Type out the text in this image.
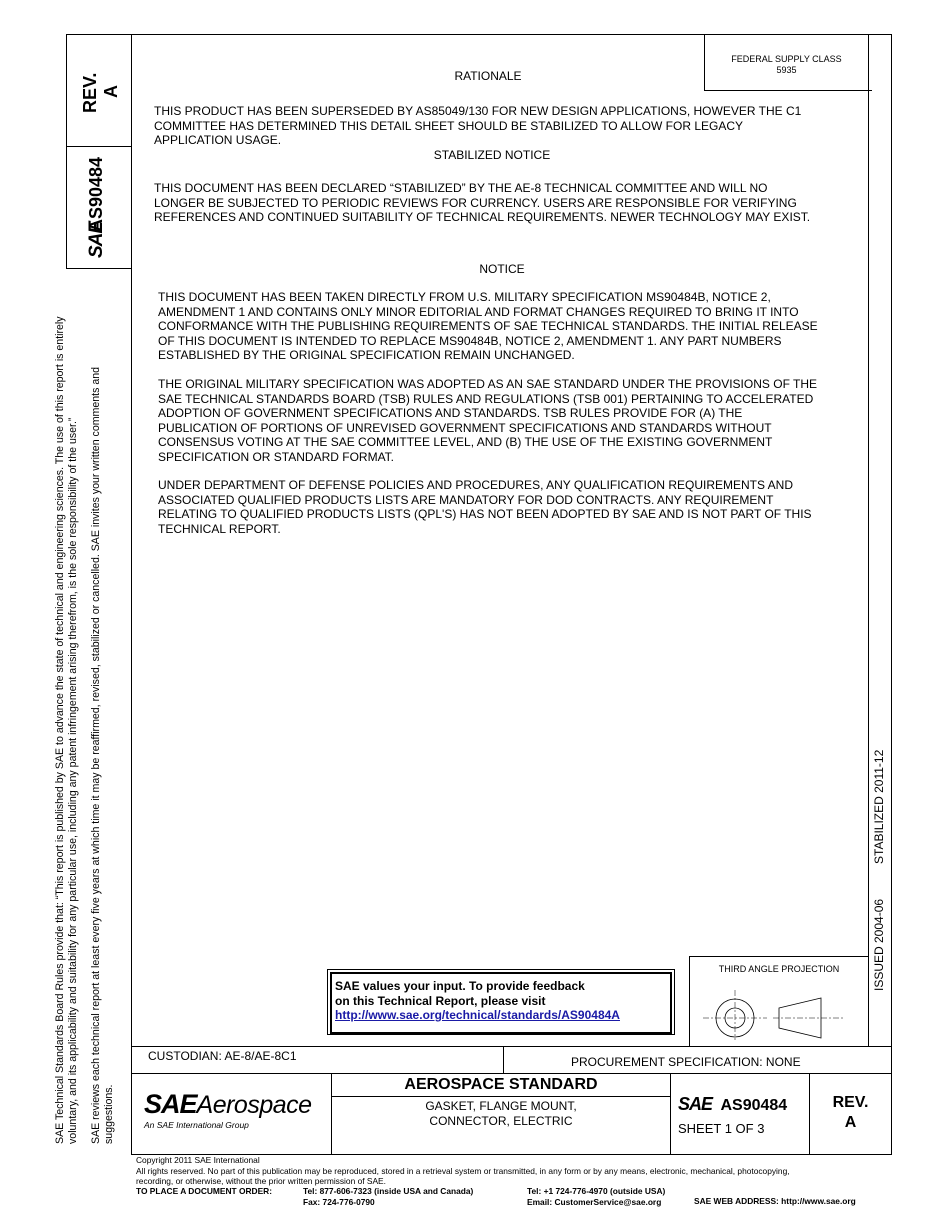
SAE Technical Standards Board Rules provide that: “This report is published by SAE to advance the state of technical and engineering sciences. The use of this report is entirely voluntary, and its applicability and suitability for any particular use, including any patent infringement arising therefrom, is the sole responsibility of the user.” SAE reviews each technical report at least every five years at which time it may be reaffirmed, revised, stabilized or cancelled. SAE invites your written comments and suggestions.
REV. A
SAE
AS90484
FEDERAL SUPPLY CLASS
5935
RATIONALE

THIS PRODUCT HAS BEEN SUPERSEDED BY AS85049/130 FOR NEW DESIGN APPLICATIONS, HOWEVER THE C1

COMMITTEE HAS DETERMINED THIS DETAIL SHEET SHOULD BE STABILIZED TO ALLOW FOR LEGACY

APPLICATION USAGE.

STABILIZED NOTICE

THIS DOCUMENT HAS BEEN DECLARED “STABILIZED” BY THE AE-8 TECHNICAL COMMITTEE AND WILL NO

LONGER BE SUBJECTED TO PERIODIC REVIEWS FOR CURRENCY. USERS ARE RESPONSIBLE FOR VERIFYING

REFERENCES AND CONTINUED SUITABILITY OF TECHNICAL REQUIREMENTS. NEWER TECHNOLOGY MAY EXIST.

NOTICE

THIS DOCUMENT HAS BEEN TAKEN DIRECTLY FROM U.S. MILITARY SPECIFICATION MS90484B, NOTICE 2,

AMENDMENT 1 AND CONTAINS ONLY MINOR EDITORIAL AND FORMAT CHANGES REQUIRED TO BRING IT INTO

CONFORMANCE WITH THE PUBLISHING REQUIREMENTS OF SAE TECHNICAL STANDARDS. THE INITIAL RELEASE

OF THIS DOCUMENT IS INTENDED TO REPLACE MS90484B, NOTICE 2, AMENDMENT 1. ANY PART NUMBERS

ESTABLISHED BY THE ORIGINAL SPECIFICATION REMAIN UNCHANGED.

THE ORIGINAL MILITARY SPECIFICATION WAS ADOPTED AS AN SAE STANDARD UNDER THE PROVISIONS OF THE

SAE TECHNICAL STANDARDS BOARD (TSB) RULES AND REGULATIONS (TSB 001) PERTAINING TO ACCELERATED

ADOPTION OF GOVERNMENT SPECIFICATIONS AND STANDARDS. TSB RULES PROVIDE FOR (A) THE

PUBLICATION OF PORTIONS OF UNREVISED GOVERNMENT SPECIFICATIONS AND STANDARDS WITHOUT

CONSENSUS VOTING AT THE SAE COMMITTEE LEVEL, AND (B) THE USE OF THE EXISTING GOVERNMENT

SPECIFICATION OR STANDARD FORMAT.

UNDER DEPARTMENT OF DEFENSE POLICIES AND PROCEDURES, ANY QUALIFICATION REQUIREMENTS AND

ASSOCIATED QUALIFIED PRODUCTS LISTS ARE MANDATORY FOR DOD CONTRACTS. ANY REQUIREMENT

RELATING TO QUALIFIED PRODUCTS LISTS (QPL'S) HAS NOT BEEN ADOPTED BY SAE AND IS NOT PART OF THIS

TECHNICAL REPORT.

STABILIZED 2011-12
ISSUED 2004-06
SAE values your input. To provide feedback
on this Technical Report, please visit
http://www.sae.org/technical/standards/AS90484A
THIRD ANGLE PROJECTION
CUSTODIAN: AE-8/AE-8C1	PROCUREMENT SPECIFICATION: NONE
SAEAerospace
An SAE International Group
AEROSPACE STANDARD
GASKET, FLANGE MOUNT,
CONNECTOR, ELECTRIC
SAE AS90484
SHEET 1 OF 3
REV.
A
Copyright 2011 SAE International
All rights reserved. No part of this publication may be reproduced, stored in a retrieval system or transmitted, in any form or by any means, electronic, mechanical, photocopying,
recording, or otherwise, without the prior written permission of SAE.
TO PLACE A DOCUMENT ORDER:	Tel: 877-606-7323 (inside USA and Canada)
Fax: 724-776-0790
Tel: +1 724-776-4970 (outside USA)
Email: CustomerService@sae.org	SAE WEB ADDRESS: http://www.sae.org
